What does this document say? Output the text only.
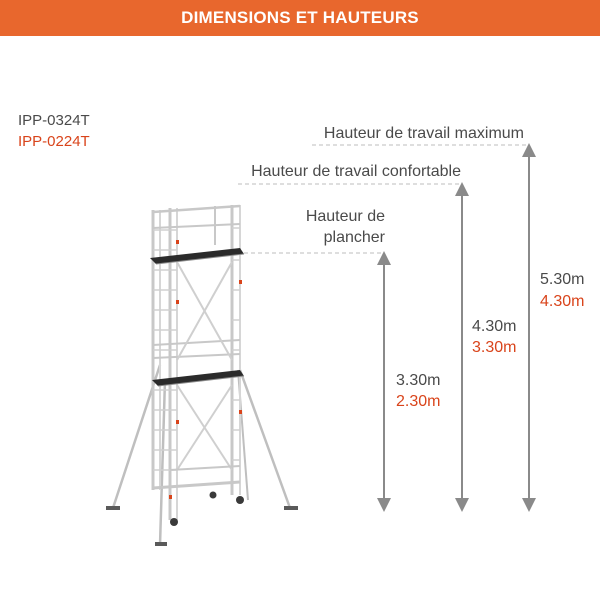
DIMENSIONS ET HAUTEURS
IPP-0324T
IPP-0224T	Hauteur de travail maximum
Hauteur de travail confortable
Hauteur de
plancher
5.30m
4.30m
4.30m
3.30m
3.30m
2.30m
